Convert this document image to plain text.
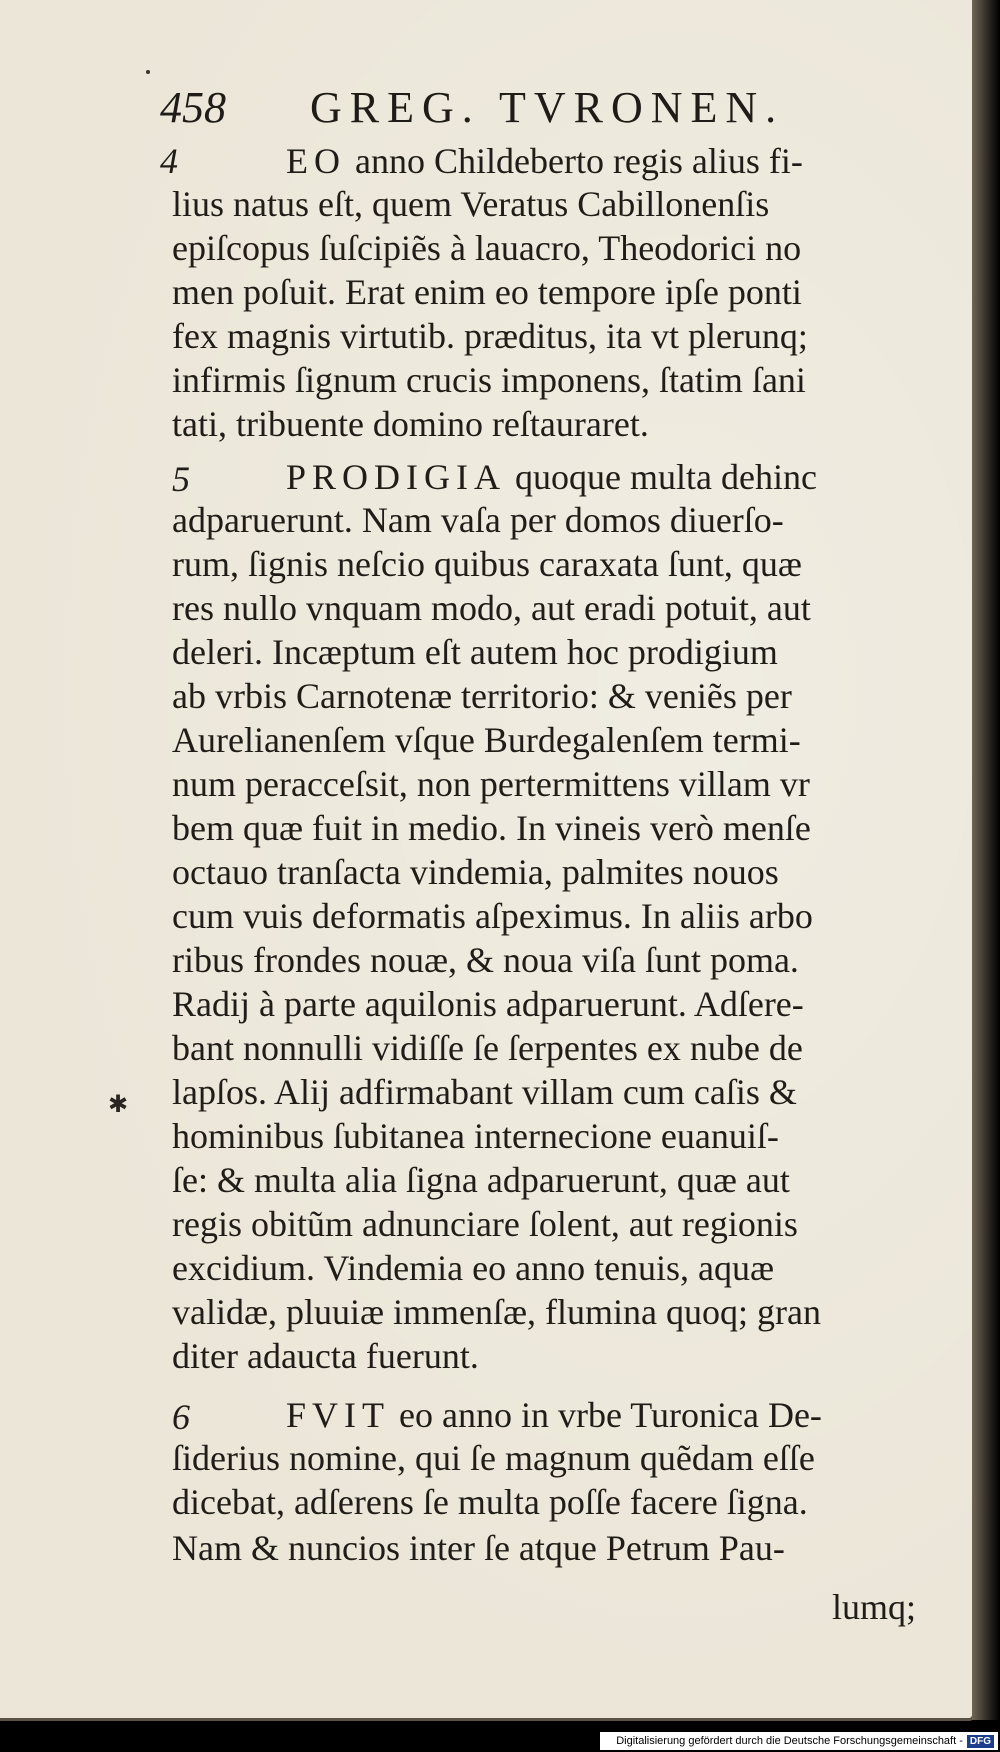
458 GREG. TVRONEN.
4	EO anno Childeberto regis alius fi-
lius natus eſt, quem Veratus Cabillonenſis
epiſcopus ſuſcipiẽs à lauacro, Theodorici no
men poſuit. Erat enim eo tempore ipſe ponti
fex magnis virtutib. præditus, ita vt plerunq;
infirmis ſignum crucis imponens, ſtatim ſani
tati, tribuente domino reſtauraret.
5	PRODIGIA quoque multa dehinc
adparuerunt. Nam vaſa per domos diuerſo-
rum, ſignis neſcio quibus caraxata ſunt, quæ
res nullo vnquam modo, aut eradi potuit, aut
deleri. Incæptum eſt autem hoc prodigium
ab vrbis Carnotenæ territorio: & veniẽs per
Aurelianenſem vſque Burdegalenſem termi-
num peracceſsit, non pertermittens villam vr
bem quæ fuit in medio. In vineis verò menſe
octauo tranſacta vindemia, palmites nouos
cum vuis deformatis aſpeximus. In aliis arbo
ribus frondes nouæ, & noua viſa ſunt poma.
Radij à parte aquilonis adparuerunt. Adſere-
bant nonnulli vidiſſe ſe ſerpentes ex nube de
lapſos. Alij adfirmabant villam cum caſis &
hominibus ſubitanea internecione euanuiſ-
ſe: & multa alia ſigna adparuerunt, quæ aut
regis obitũm adnunciare ſolent, aut regionis
excidium. Vindemia eo anno tenuis, aquæ
validæ, pluuiæ immenſæ, flumina quoq; gran
diter adaucta fuerunt.
6	FVIT eo anno in vrbe Turonica De-
ſiderius nomine, qui ſe magnum quẽdam eſſe
dicebat, adſerens ſe multa poſſe facere ſigna.
Nam & nuncios inter ſe atque Petrum Pau-
lumq;
✱
Digitalisierung gefördert durch die Deutsche Forschungsgemeinschaft - DFG
